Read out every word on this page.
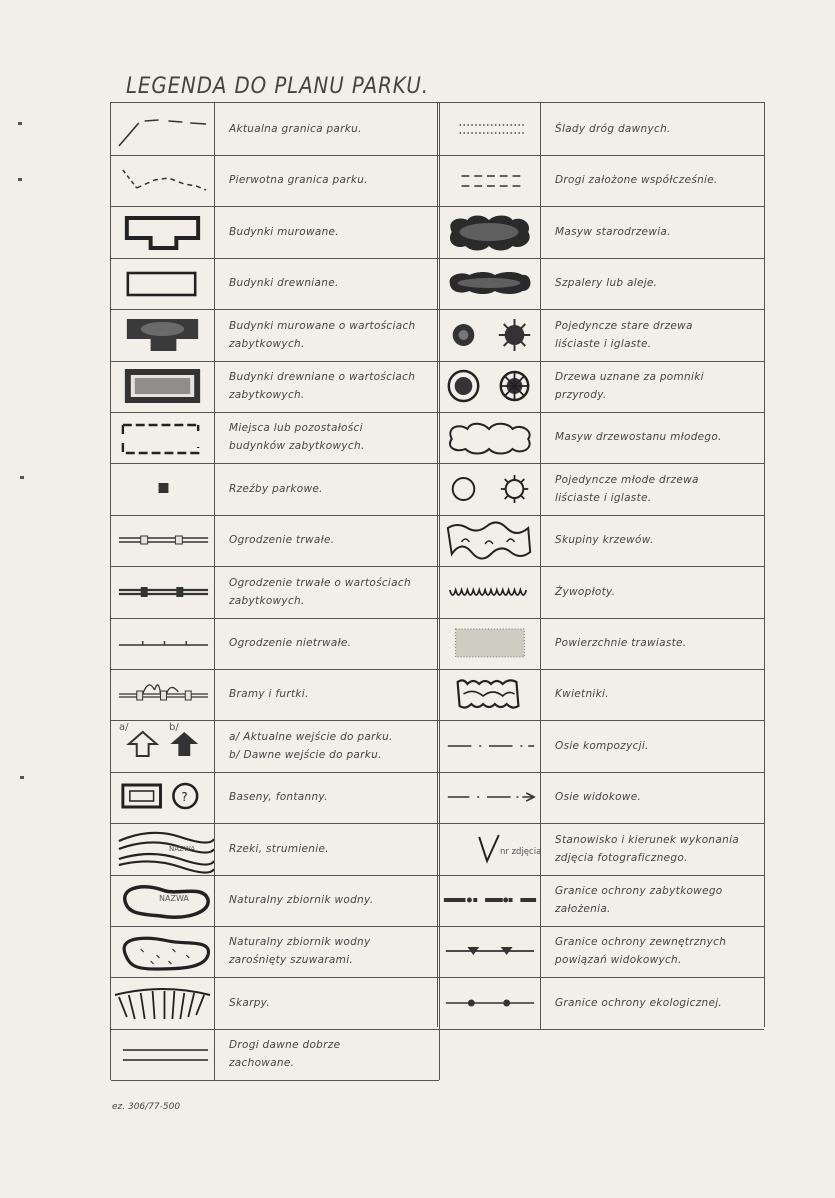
LEGENDA DO PLANU PARKU.
Aktualna granica parku.
Pierwotna granica parku.
Budynki murowane.
Budynki drewniane.
Budynki murowane o wartościach
zabytkowych.
Budynki drewniane o wartościach
zabytkowych.
Miejsca lub pozostałości
budynków zabytkowych.
Rzeźby parkowe.
Ogrodzenie trwałe.
Ogrodzenie trwałe o wartościach
zabytkowych.
Ogrodzenie nietrwałe.
Bramy i furtki.
a/ Aktualne wejście do parku.
b/ Dawne wejście do parku.
?	Baseny, fontanny.
Rzeki, strumienie.
Naturalny zbiornik wodny.
Naturalny zbiornik wodny
zarośnięty szuwarami.
Skarpy.
Drogi dawne dobrze
zachowane.
a/	b/
NAZWA
NAZWA
Ślady dróg dawnych.
Drogi założone współcześnie.
Masyw starodrzewia.
Szpalery lub aleje.
Pojedyncze stare drzewa
liściaste i iglaste.
Drzewa uznane za pomniki
przyrody.
Masyw drzewostanu młodego.
Pojedyncze młode drzewa
liściaste i iglaste.
Skupiny krzewów.
Żywopłoty.
Powierzchnie trawiaste.
Kwietniki.
Osie kompozycji.
Osie widokowe.
Stanowisko i kierunek wykonania
zdjęcia fotograficznego.
Granice ochrony zabytkowego
założenia.
Granice ochrony zewnętrznych
powiązań widokowych.
Granice ochrony ekologicznej.
nr zdjęcia
ez. 306/77-500
